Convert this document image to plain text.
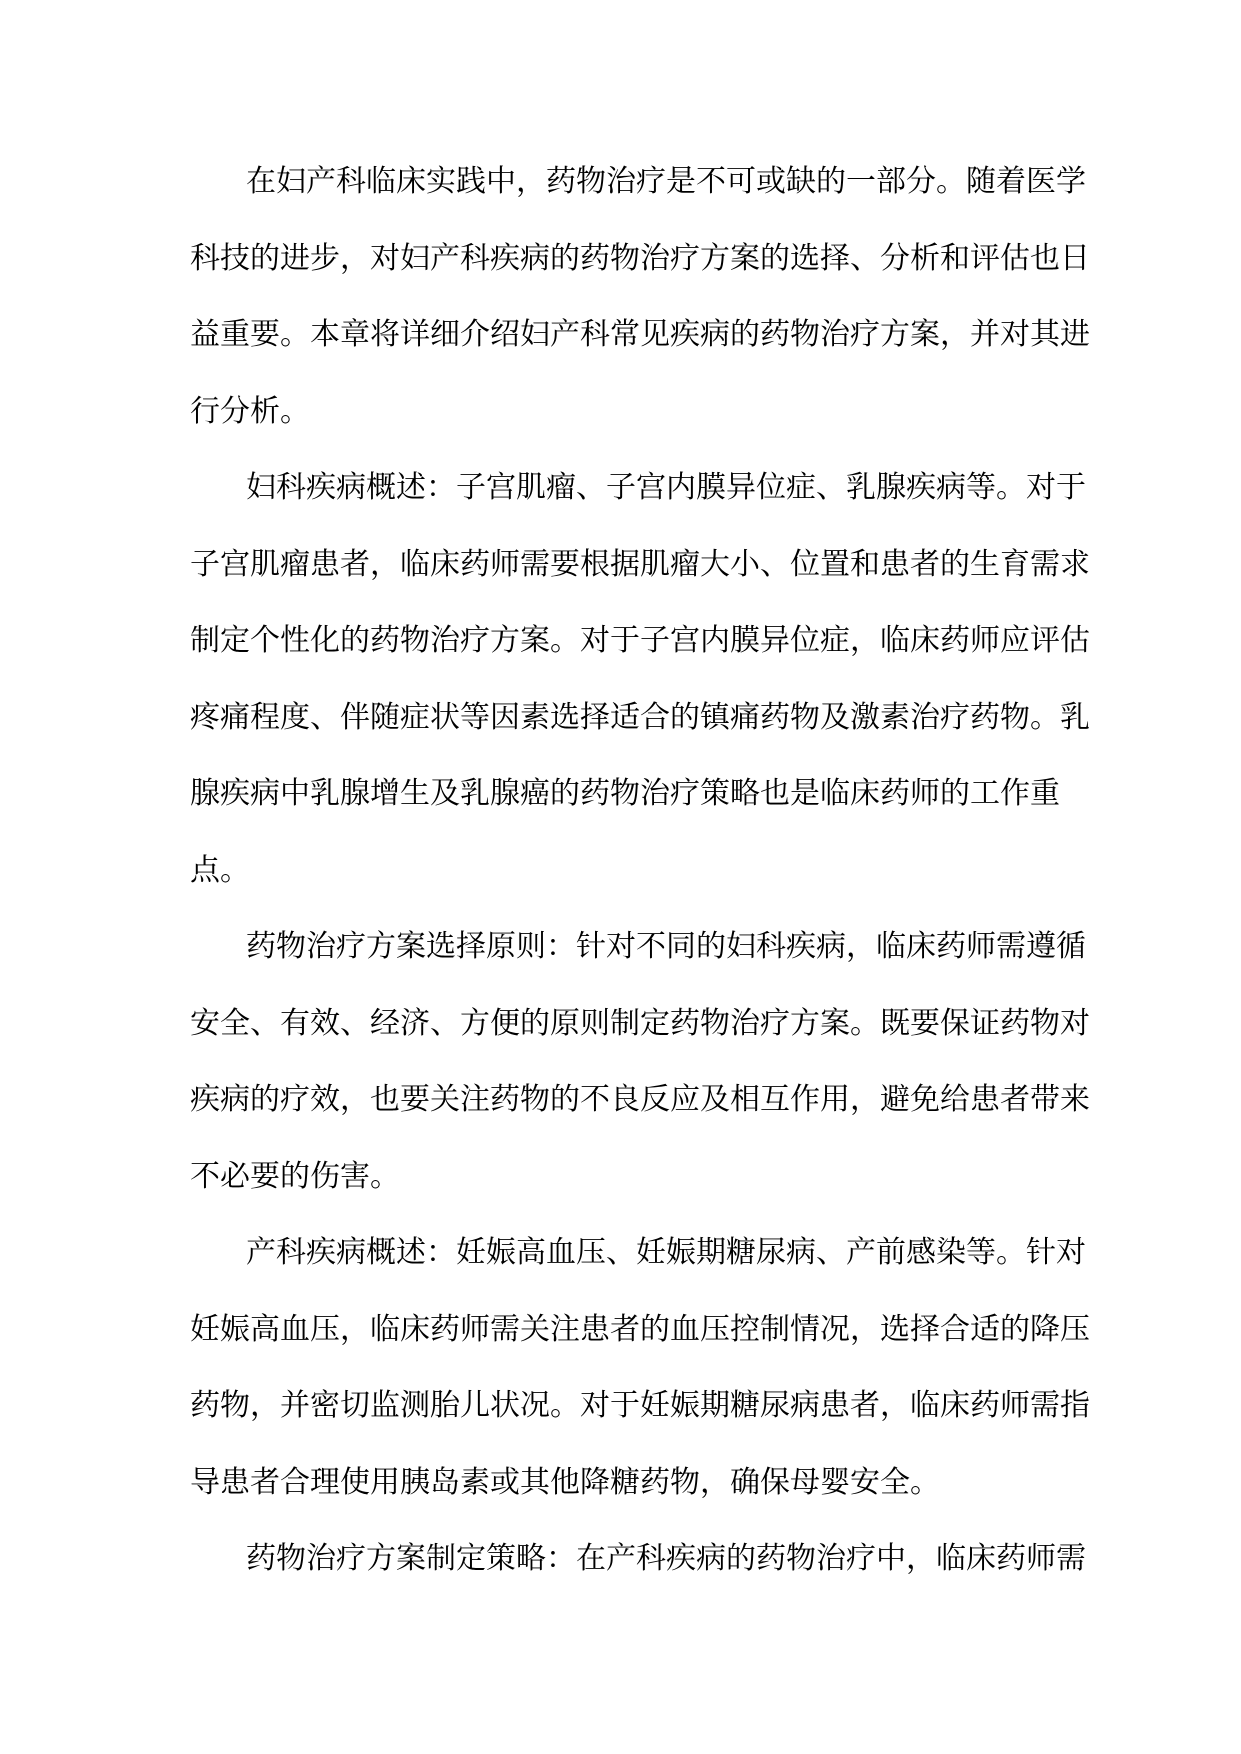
在妇产科临床实践中，药物治疗是不可或缺的一部分。随着医学
科技的进步，对妇产科疾病的药物治疗方案的选择、分析和评估也日
益重要。本章将详细介绍妇产科常见疾病的药物治疗方案，并对其进
行分析。
妇科疾病概述：子宫肌瘤、子宫内膜异位症、乳腺疾病等。对于
子宫肌瘤患者，临床药师需要根据肌瘤大小、位置和患者的生育需求
制定个性化的药物治疗方案。对于子宫内膜异位症，临床药师应评估
疼痛程度、伴随症状等因素选择适合的镇痛药物及激素治疗药物。乳
腺疾病中乳腺增生及乳腺癌的药物治疗策略也是临床药师的工作重
点。
药物治疗方案选择原则：针对不同的妇科疾病，临床药师需遵循
安全、有效、经济、方便的原则制定药物治疗方案。既要保证药物对
疾病的疗效，也要关注药物的不良反应及相互作用，避免给患者带来
不必要的伤害。
产科疾病概述：妊娠高血压、妊娠期糖尿病、产前感染等。针对
妊娠高血压，临床药师需关注患者的血压控制情况，选择合适的降压
药物，并密切监测胎儿状况。对于妊娠期糖尿病患者，临床药师需指
导患者合理使用胰岛素或其他降糖药物，确保母婴安全。
药物治疗方案制定策略：在产科疾病的药物治疗中，临床药师需
